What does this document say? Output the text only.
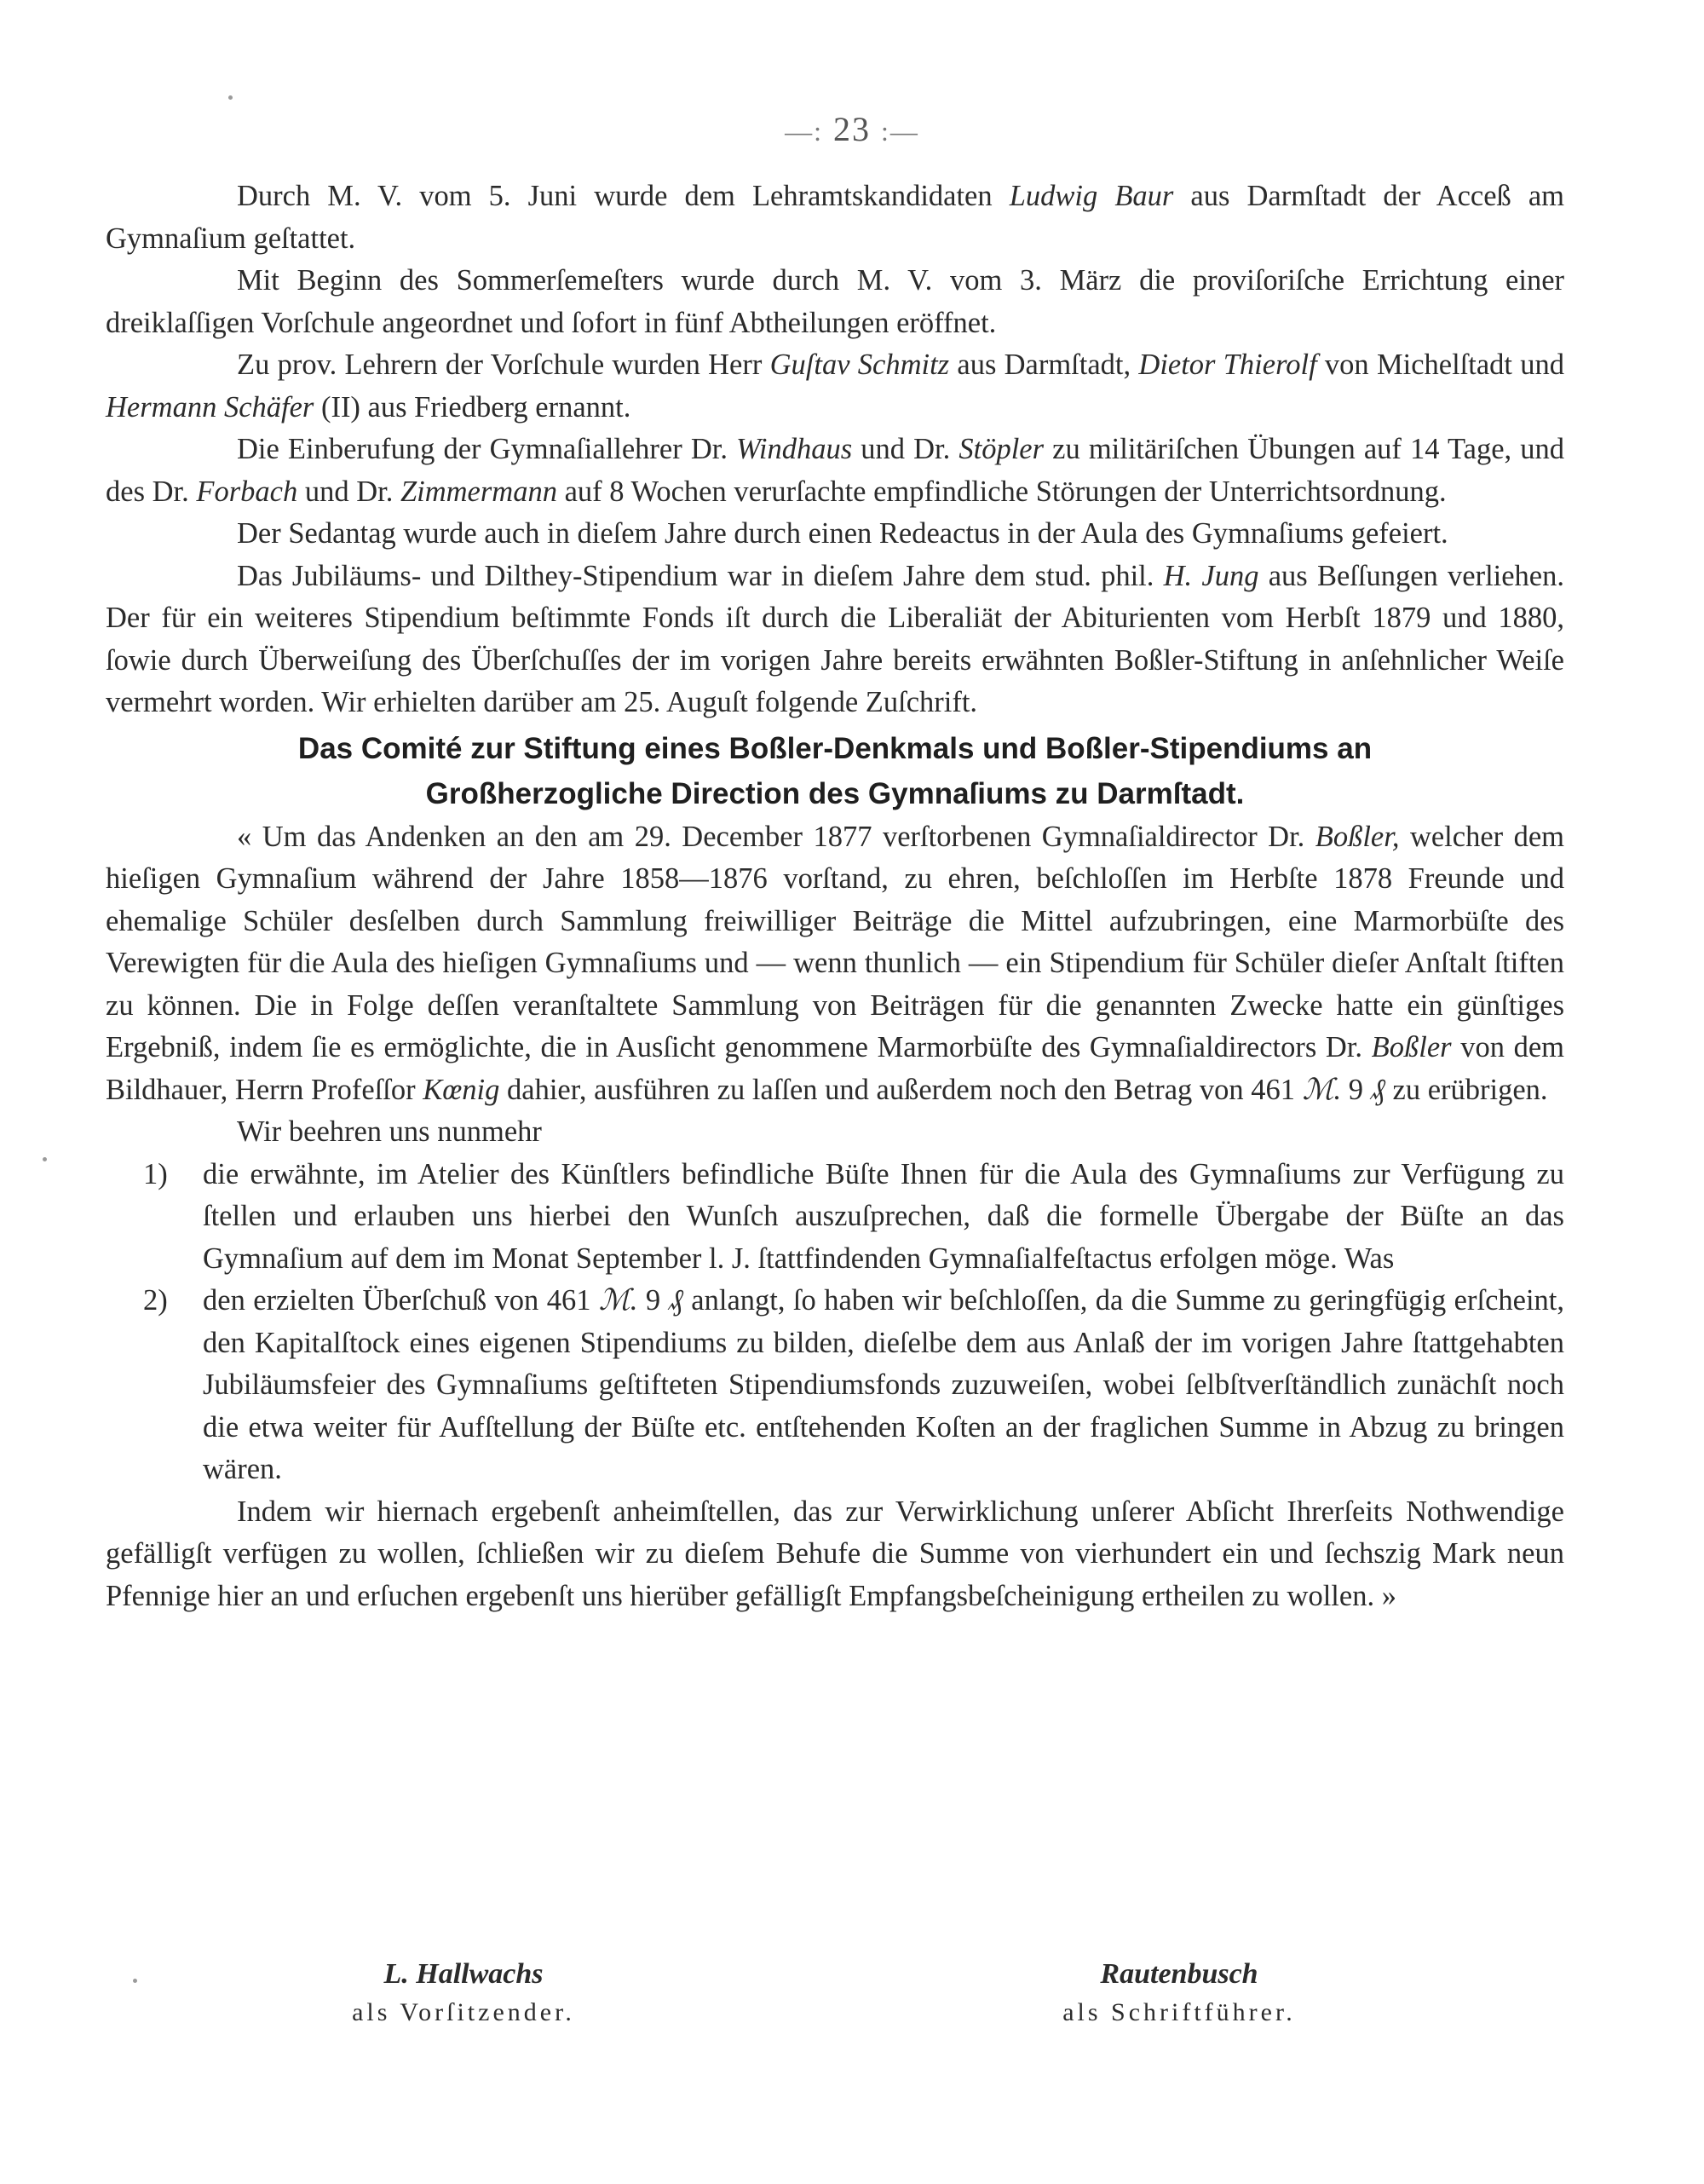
—: 23 :—

Durch M. V. vom 5. Juni wurde dem Lehramtskandidaten Ludwig Baur aus Darmſtadt der Acceß am Gymnaſium geſtattet.

Mit Beginn des Sommerſemeſters wurde durch M. V. vom 3. März die proviſoriſche Errichtung einer dreiklaſſigen Vorſchule angeordnet und ſofort in fünf Abtheilungen eröffnet.

Zu prov. Lehrern der Vorſchule wurden Herr Guſtav Schmitz aus Darmſtadt, Dietor Thierolf von Michelſtadt und Hermann Schäfer (II) aus Friedberg ernannt.

Die Einberufung der Gymnaſiallehrer Dr. Windhaus und Dr. Stöpler zu militäriſchen Übungen auf 14 Tage, und des Dr. Forbach und Dr. Zimmermann auf 8 Wochen verurſachte empfindliche Störungen der Unterrichtsordnung.

Der Sedantag wurde auch in dieſem Jahre durch einen Redeactus in der Aula des Gymnaſiums gefeiert.

Das Jubiläums- und Dilthey-Stipendium war in dieſem Jahre dem stud. phil. H. Jung aus Beſſungen verliehen. Der für ein weiteres Stipendium beſtimmte Fonds iſt durch die Liberaliät der Abiturienten vom Herbſt 1879 und 1880, ſowie durch Überweiſung des Überſchuſſes der im vorigen Jahre bereits erwähnten Boßler-Stiftung in anſehnlicher Weiſe vermehrt worden. Wir erhielten darüber am 25. Auguſt folgende Zuſchrift.

Das Comité zur Stiftung eines Boßler-Denkmals und Boßler-Stipendiums an
Großherzogliche Direction des Gymnaſiums zu Darmſtadt.

« Um das Andenken an den am 29. December 1877 verſtorbenen Gymnaſialdirector Dr. Boßler, welcher dem hieſigen Gymnaſium während der Jahre 1858—1876 vorſtand, zu ehren, beſchloſſen im Herbſte 1878 Freunde und ehemalige Schüler desſelben durch Sammlung freiwilliger Beiträge die Mittel aufzubringen, eine Marmorbüſte des Verewigten für die Aula des hieſigen Gymnaſiums und — wenn thunlich — ein Stipendium für Schüler dieſer Anſtalt ſtiften zu können. Die in Folge deſſen veranſtaltete Sammlung von Beiträgen für die genannten Zwecke hatte ein günſtiges Ergebniß, indem ſie es ermöglichte, die in Ausſicht genommene Marmorbüſte des Gymnaſialdirectors Dr. Boßler von dem Bildhauer, Herrn Profeſſor Kœnig dahier, ausführen zu laſſen und außerdem noch den Betrag von 461 ℳ. 9 ₰ zu erübrigen.

Wir beehren uns nunmehr

1) die erwähnte, im Atelier des Künſtlers befindliche Büſte Ihnen für die Aula des Gymnaſiums zur Verfügung zu ſtellen und erlauben uns hierbei den Wunſch auszuſprechen, daß die formelle Übergabe der Büſte an das Gymnaſium auf dem im Monat September l. J. ſtattfindenden Gymnaſialfeſtactus erfolgen möge. Was

2) den erzielten Überſchuß von 461 ℳ. 9 ₰ anlangt, ſo haben wir beſchloſſen, da die Summe zu geringfügig erſcheint, den Kapitalſtock eines eigenen Stipendiums zu bilden, dieſelbe dem aus Anlaß der im vorigen Jahre ſtattgehabten Jubiläumsfeier des Gymnaſiums geſtifteten Stipendiumsfonds zuzuweiſen, wobei ſelbſtverſtändlich zunächſt noch die etwa weiter für Aufſtellung der Büſte etc. entſtehenden Koſten an der fraglichen Summe in Abzug zu bringen wären.

Indem wir hiernach ergebenſt anheimſtellen, das zur Verwirklichung unſerer Abſicht Ihrerſeits Nothwendige gefälligſt verfügen zu wollen, ſchließen wir zu dieſem Behufe die Summe von vierhundert ein und ſechszig Mark neun Pfennige hier an und erſuchen ergebenſt uns hierüber gefälligſt Empfangsbeſcheinigung ertheilen zu wollen. »

L. Hallwachs
als Vorſitzender.
Rautenbusch
als Schriftführer.
